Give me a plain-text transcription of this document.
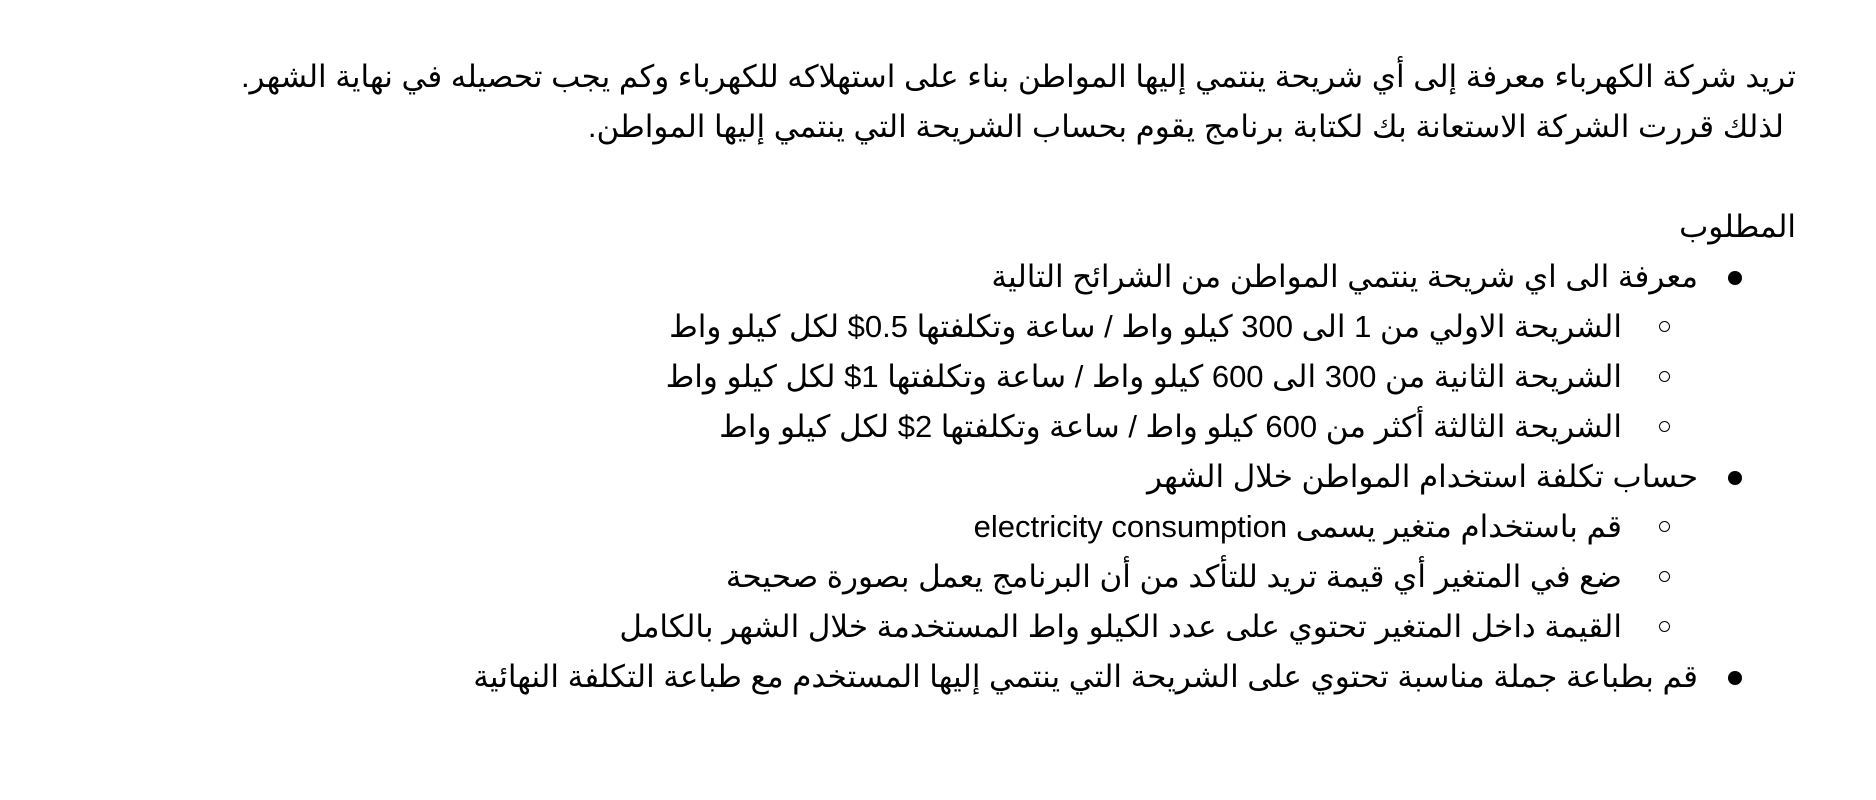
تريد شركة الكهرباء معرفة إلى أي شريحة ينتمي إليها المواطن بناء على استهلاكه للكهرباء وكم يجب تحصيله في نهاية الشهر.

لذلك قررت الشركة الاستعانة بك لكتابة برنامج يقوم بحساب الشريحة التي ينتمي إليها المواطن.

المطلوب

معرفة الى اي شريحة ينتمي المواطن من الشرائح التالية
الشريحة الاولي من 1 الى 300 كيلو واط / ساعة وتكلفتها 0.5$ لكل كيلو واط
الشريحة الثانية من 300 الى 600 كيلو واط / ساعة وتكلفتها 1$ لكل كيلو واط
الشريحة الثالثة أكثر من 600 كيلو واط / ساعة وتكلفتها 2$ لكل كيلو واط
حساب تكلفة استخدام المواطن خلال الشهر
قم باستخدام متغير يسمى electricity consumption
ضع في المتغير أي قيمة تريد للتأكد من أن البرنامج يعمل بصورة صحيحة
القيمة داخل المتغير تحتوي على عدد الكيلو واط المستخدمة خلال الشهر بالكامل
قم بطباعة جملة مناسبة تحتوي على الشريحة التي ينتمي إليها المستخدم مع طباعة التكلفة النهائية
